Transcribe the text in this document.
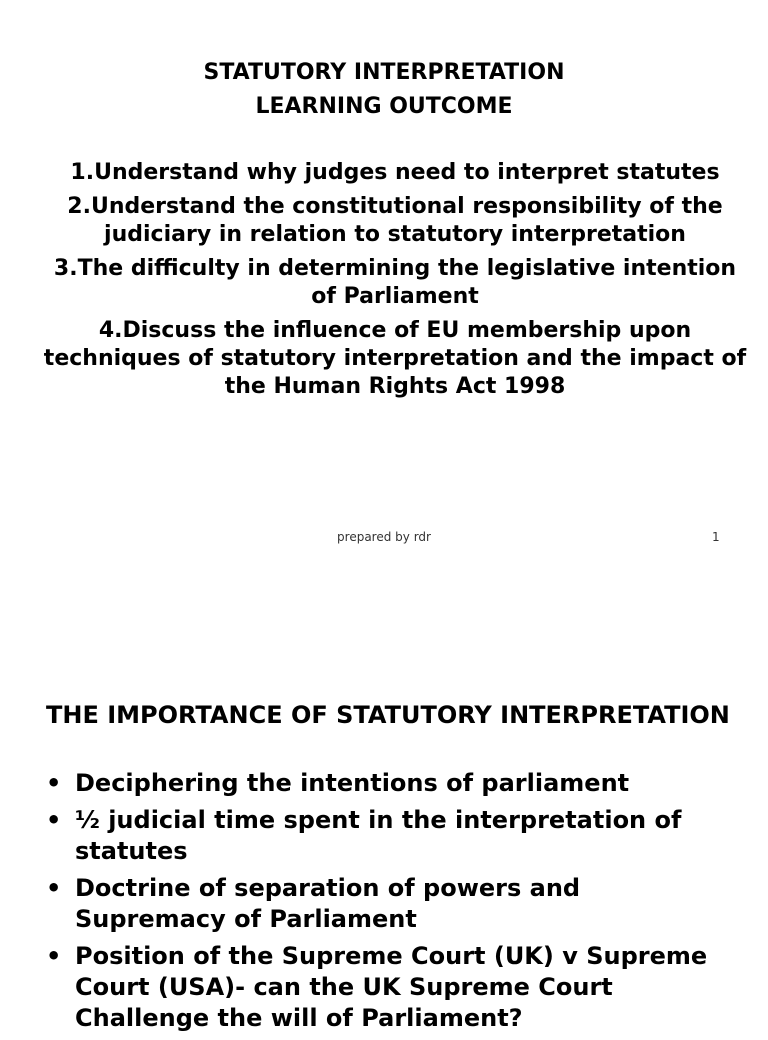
STATUTORY INTERPRETATION

LEARNING OUTCOME

1.Understand why judges need to interpret statutes
2.Understand the constitutional responsibility of the judiciary in relation to statutory interpretation
3.The difficulty in determining the legislative intention of Parliament
4.Discuss the influence of EU membership upon techniques of statutory interpretation and the impact of the Human Rights Act 1998
prepared by rdr	1

THE IMPORTANCE OF STATUTORY INTERPRETATION

• Deciphering the intentions of parliament
• ½ judicial time spent in the interpretation of statutes
• Doctrine of separation of powers and Supremacy of Parliament
• Position of the Supreme Court (UK) v Supreme Court (USA)- can the UK Supreme Court Challenge the will of Parliament?
